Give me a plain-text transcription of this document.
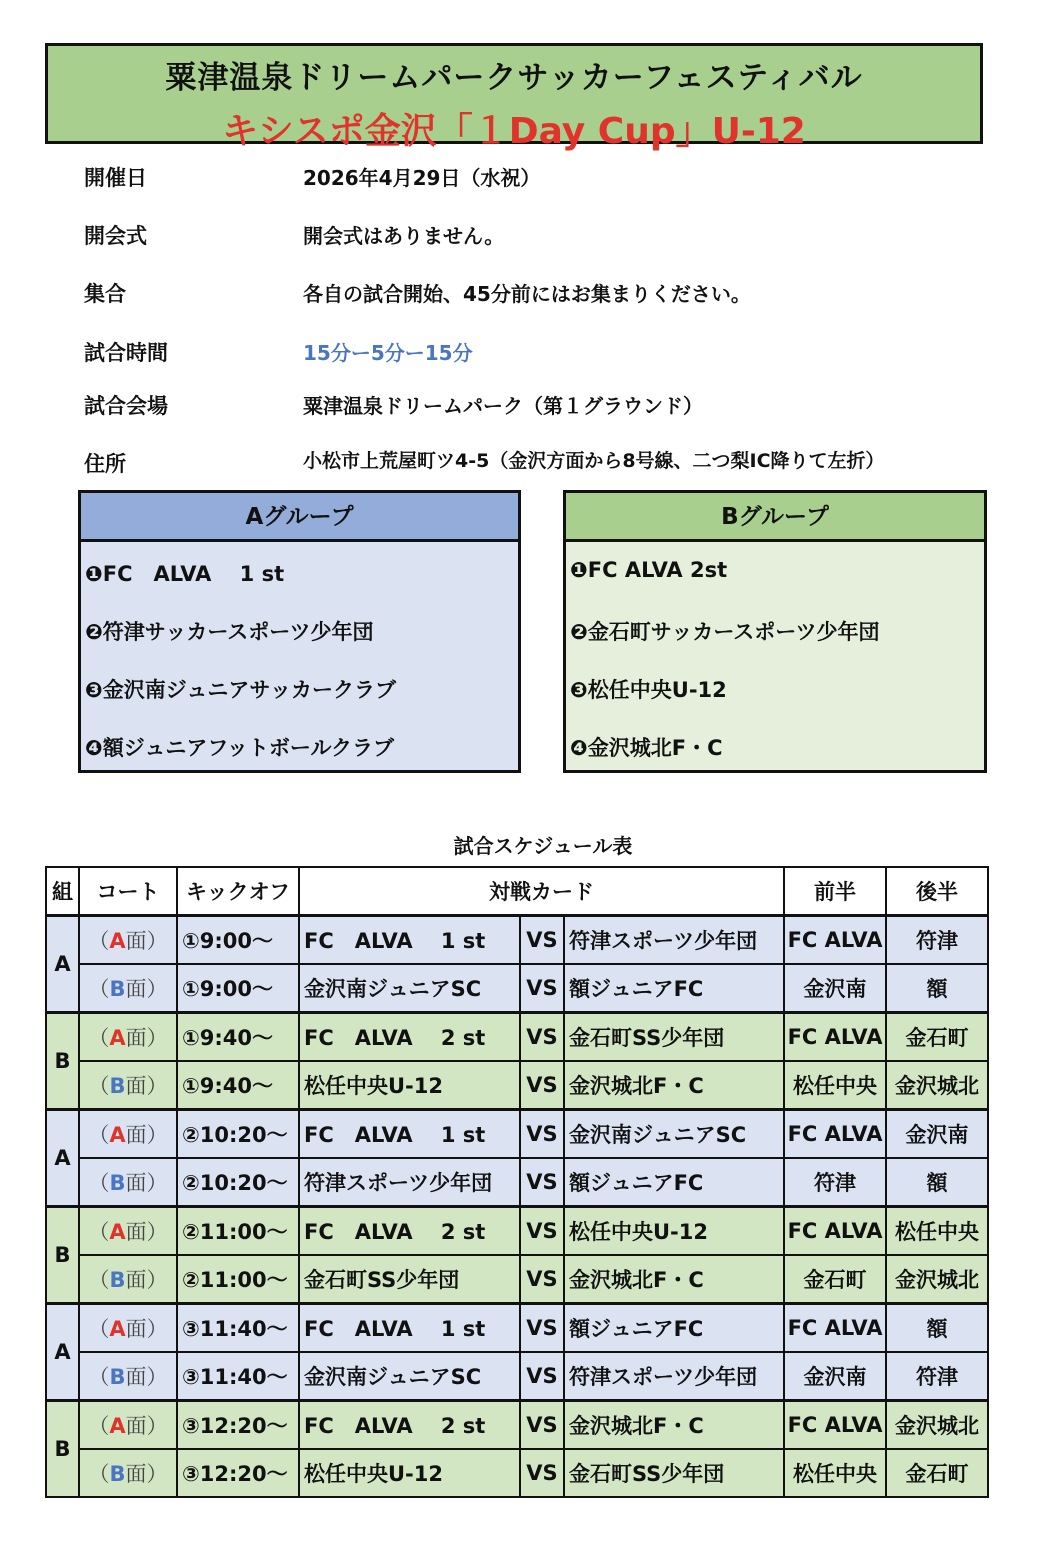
粟津温泉ドリームパークサッカーフェスティバル
キシスポ金沢「１Day Cup」U-12
開催日	2026年4月29日（水祝）
開会式	開会式はありません。
集合	各自の試合開始、45分前にはお集まりください。
試合時間	15分ー5分ー15分
試合会場	粟津温泉ドリームパーク（第１グラウンド）
住所	小松市上荒屋町ツ4-5（金沢方面から8号線、二つ梨IC降りて左折）
Aグループ
❶FC　ALVA　 1 st
❷符津サッカースポーツ少年団
❸金沢南ジュニアサッカークラブ
❹額ジュニアフットボールクラブ
Bグループ
❶FC ALVA 2st
❷金石町サッカースポーツ少年団
❸松任中央U-12
❹金沢城北F・C
試合スケジュール表
組	コート	キックオフ	対戦カード			前半	後半
A	（A面）	①9:00～	FC　ALVA　 1 st	VS	符津スポーツ少年団	FC ALVA	符津
	（B面）	①9:00～	金沢南ジュニアSC	VS	額ジュニアFC	金沢南	額
B	（A面）	①9:40～	FC　ALVA　 2 st	VS	金石町SS少年団	FC ALVA	金石町
	（B面）	①9:40～	松任中央U-12	VS	金沢城北F・C	松任中央	金沢城北
A	（A面）	②10:20～	FC　ALVA　 1 st	VS	金沢南ジュニアSC	FC ALVA	金沢南
	（B面）	②10:20～	符津スポーツ少年団	VS	額ジュニアFC	符津	額
B	（A面）	②11:00～	FC　ALVA　 2 st	VS	松任中央U-12	FC ALVA	松任中央
	（B面）	②11:00～	金石町SS少年団	VS	金沢城北F・C	金石町	金沢城北
A	（A面）	③11:40～	FC　ALVA　 1 st	VS	額ジュニアFC	FC ALVA	額
	（B面）	③11:40～	金沢南ジュニアSC	VS	符津スポーツ少年団	金沢南	符津
B	（A面）	③12:20～	FC　ALVA　 2 st	VS	金沢城北F・C	FC ALVA	金沢城北
	（B面）	③12:20～	松任中央U-12	VS	金石町SS少年団	松任中央	金石町
